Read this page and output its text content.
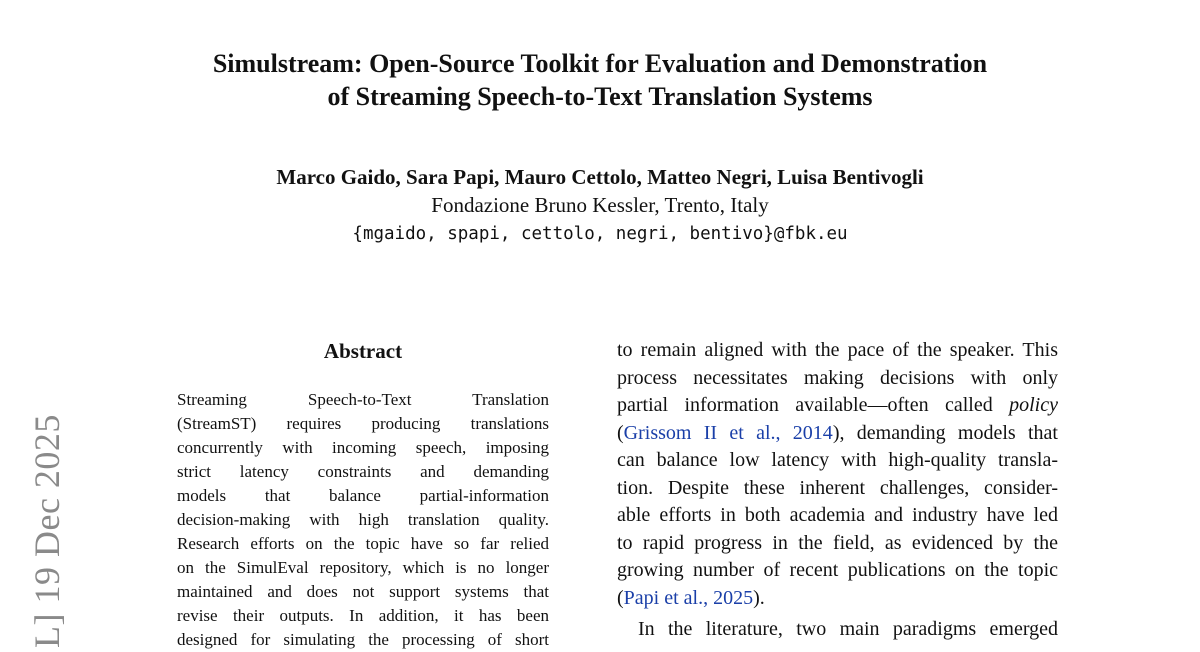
L] 19 Dec 2025
Simulstream: Open-Source Toolkit for Evaluation and Demonstration
of Streaming Speech-to-Text Translation Systems

Marco Gaido, Sara Papi, Mauro Cettolo, Matteo Negri, Luisa Bentivogli

Fondazione Bruno Kessler, Trento, Italy

{mgaido, spapi, cettolo, negri, bentivo}@fbk.eu

Abstract
Streaming Speech-to-Text Translation
(StreamST) requires producing translations
concurrently with incoming speech, imposing
strict latency constraints and demanding
models that balance partial-information
decision-making with high translation quality.
Research efforts on the topic have so far relied
on the SimulEval repository, which is no longer
maintained and does not support systems that
revise their outputs. In addition, it has been
designed for simulating the processing of short
to remain aligned with the pace of the speaker. This
process necessitates making decisions with only
partial information available—often called policy
(Grissom II et al., 2014), demanding models that
can balance low latency with high-quality transla-
tion. Despite these inherent challenges, consider-
able efforts in both academia and industry have led
to rapid progress in the field, as evidenced by the
growing number of recent publications on the topic
(Papi et al., 2025).
In the literature, two main paradigms emerged
